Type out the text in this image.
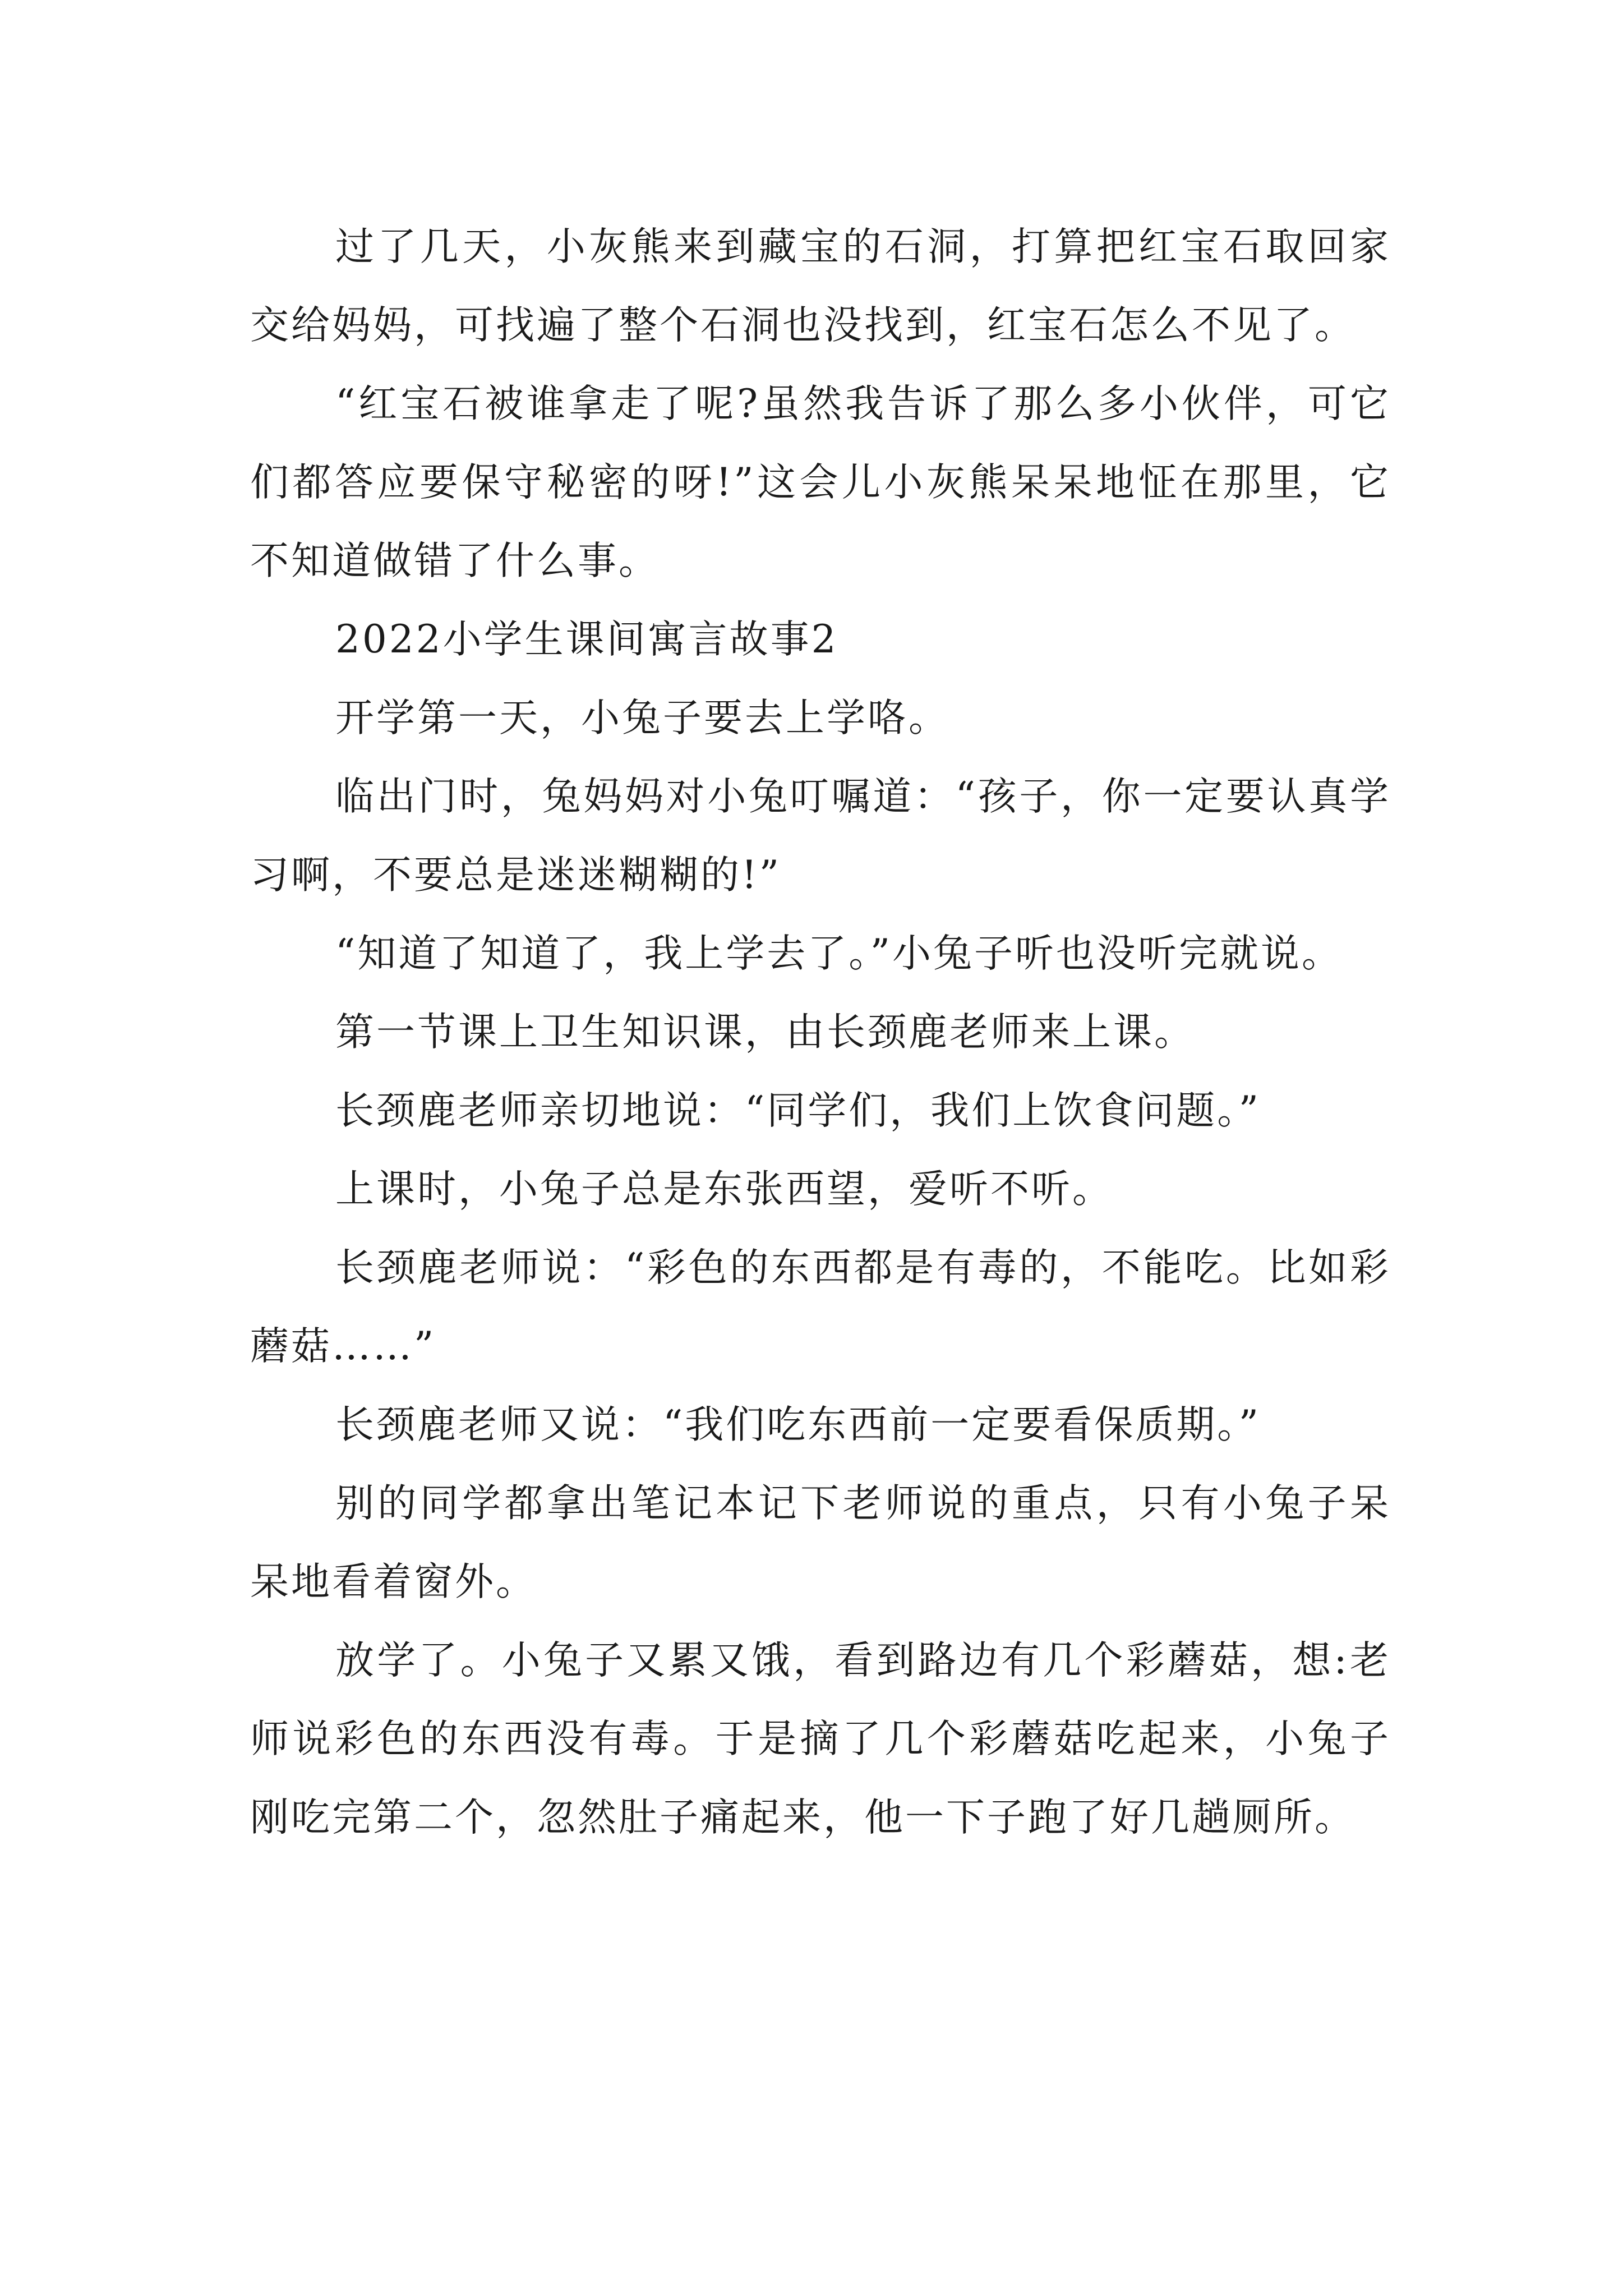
过了几天，小灰熊来到藏宝的石洞，打算把红宝石取回家交给妈妈，可找遍了整个石洞也没找到，红宝石怎么不见了。

“红宝石被谁拿走了呢?虽然我告诉了那么多小伙伴，可它们都答应要保守秘密的呀!”这会儿小灰熊呆呆地怔在那里，它不知道做错了什么事。

2022小学生课间寓言故事2

开学第一天，小兔子要去上学咯。

临出门时，兔妈妈对小兔叮嘱道：“孩子，你一定要认真学习啊，不要总是迷迷糊糊的!”

“知道了知道了，我上学去了。”小兔子听也没听完就说。

第一节课上卫生知识课，由长颈鹿老师来上课。

长颈鹿老师亲切地说：“同学们，我们上饮食问题。”

上课时，小兔子总是东张西望，爱听不听。

长颈鹿老师说：“彩色的东西都是有毒的，不能吃。比如彩蘑菇……”

长颈鹿老师又说：“我们吃东西前一定要看保质期。”

别的同学都拿出笔记本记下老师说的重点，只有小兔子呆呆地看着窗外。

放学了。小兔子又累又饿，看到路边有几个彩蘑菇，想:老师说彩色的东西没有毒。于是摘了几个彩蘑菇吃起来，小兔子刚吃完第二个，忽然肚子痛起来，他一下子跑了好几趟厕所。
